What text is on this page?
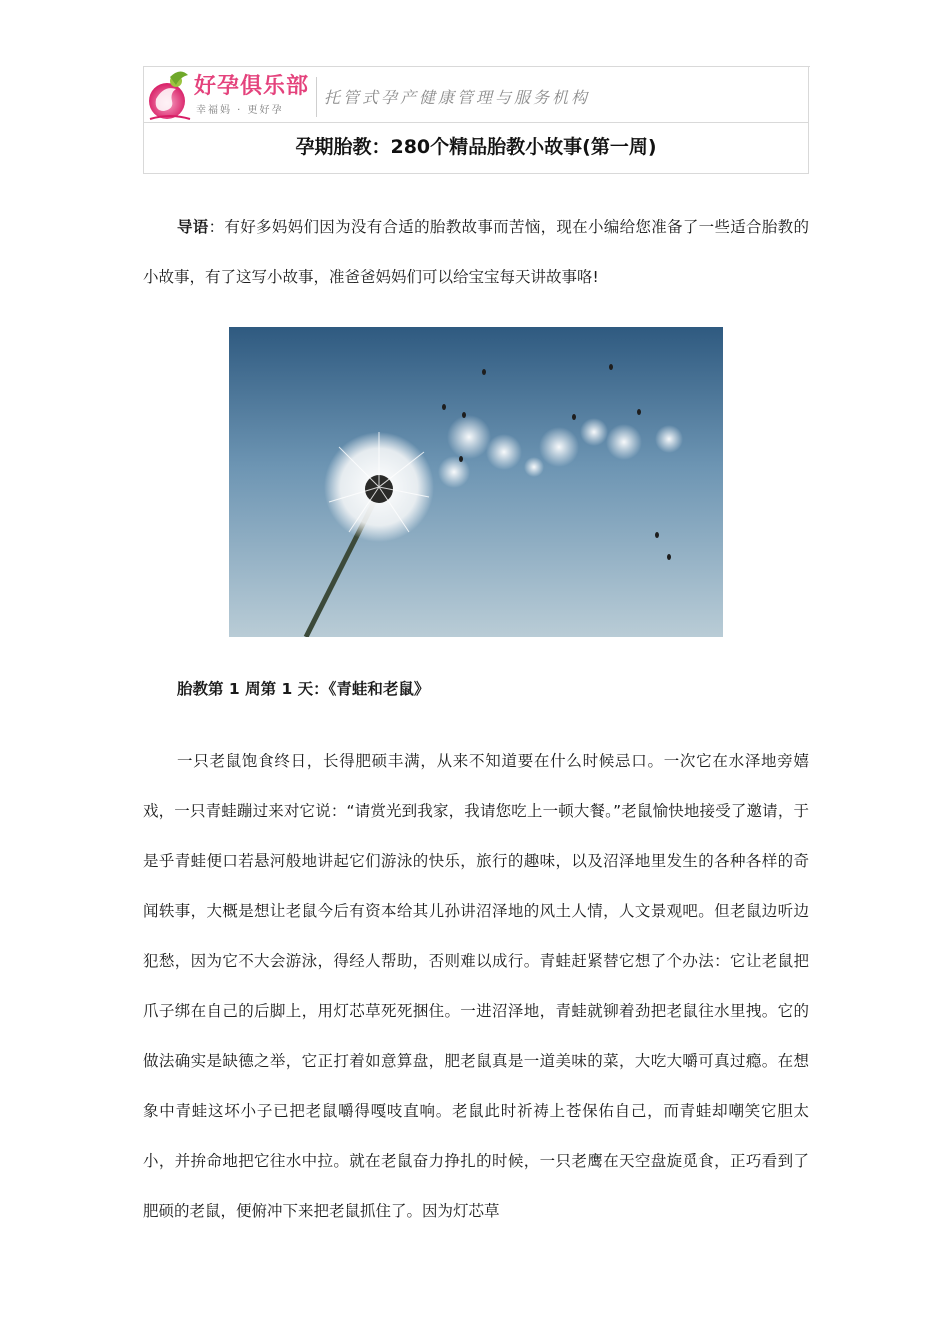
好孕俱乐部
幸福妈 · 更好孕
托管式孕产健康管理与服务机构
孕期胎教：280个精品胎教小故事(第一周)

导语：有好多妈妈们因为没有合适的胎教故事而苦恼，现在小编给您准备了一些适合胎教的小故事，有了这写小故事，准爸爸妈妈们可以给宝宝每天讲故事咯!

胎教第 1 周第 1 天：《青蛙和老鼠》

一只老鼠饱食终日，长得肥硕丰满，从来不知道要在什么时候忌口。一次它在水泽地旁嬉戏，一只青蛙蹦过来对它说：“请赏光到我家，我请您吃上一顿大餐。”老鼠愉快地接受了邀请，于是乎青蛙便口若悬河般地讲起它们游泳的快乐，旅行的趣味，以及沼泽地里发生的各种各样的奇闻轶事，大概是想让老鼠今后有资本给其儿孙讲沼泽地的风土人情，人文景观吧。但老鼠边听边犯愁，因为它不大会游泳，得经人帮助，否则难以成行。青蛙赶紧替它想了个办法：它让老鼠把爪子绑在自己的后脚上，用灯芯草死死捆住。一进沼泽地，青蛙就铆着劲把老鼠往水里拽。它的做法确实是缺德之举，它正打着如意算盘，肥老鼠真是一道美味的菜，大吃大嚼可真过瘾。在想象中青蛙这坏小子已把老鼠嚼得嘎吱直响。老鼠此时祈祷上苍保佑自己，而青蛙却嘲笑它胆太小，并拚命地把它往水中拉。就在老鼠奋力挣扎的时候，一只老鹰在天空盘旋觅食，正巧看到了肥硕的老鼠，便俯冲下来把老鼠抓住了。因为灯芯草
